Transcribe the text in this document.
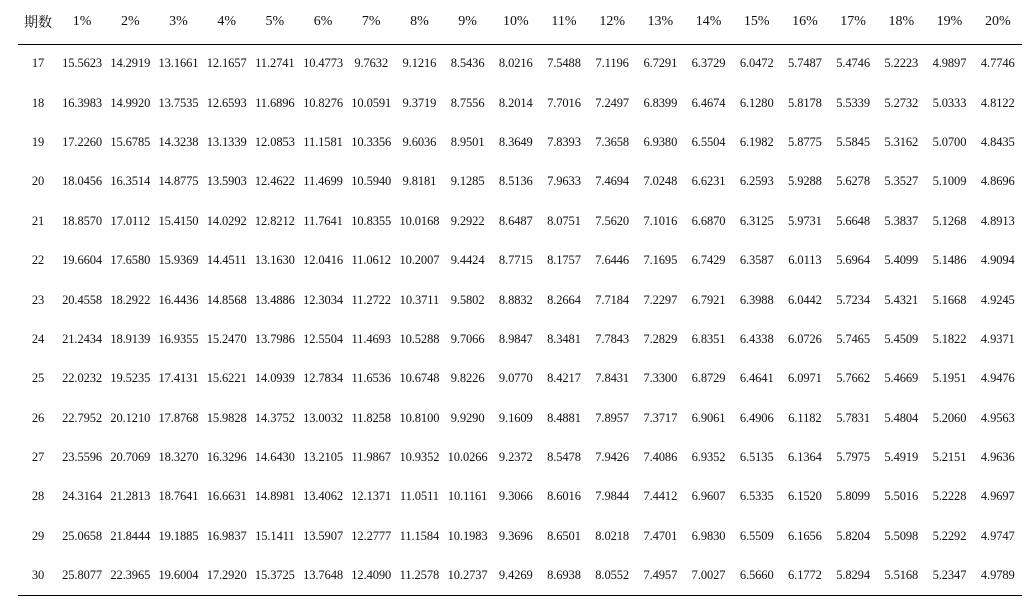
期数	1%	2%	3%	4%	5%	6%	7%	8%	9%	10%	11%	12%	13%	14%	15%	16%	17%	18%	19%	20%
17	15.5623	14.2919	13.1661	12.1657	11.2741	10.4773	9.7632	9.1216	8.5436	8.0216	7.5488	7.1196	6.7291	6.3729	6.0472	5.7487	5.4746	5.2223	4.9897	4.7746
18	16.3983	14.9920	13.7535	12.6593	11.6896	10.8276	10.0591	9.3719	8.7556	8.2014	7.7016	7.2497	6.8399	6.4674	6.1280	5.8178	5.5339	5.2732	5.0333	4.8122
19	17.2260	15.6785	14.3238	13.1339	12.0853	11.1581	10.3356	9.6036	8.9501	8.3649	7.8393	7.3658	6.9380	6.5504	6.1982	5.8775	5.5845	5.3162	5.0700	4.8435
20	18.0456	16.3514	14.8775	13.5903	12.4622	11.4699	10.5940	9.8181	9.1285	8.5136	7.9633	7.4694	7.0248	6.6231	6.2593	5.9288	5.6278	5.3527	5.1009	4.8696
21	18.8570	17.0112	15.4150	14.0292	12.8212	11.7641	10.8355	10.0168	9.2922	8.6487	8.0751	7.5620	7.1016	6.6870	6.3125	5.9731	5.6648	5.3837	5.1268	4.8913
22	19.6604	17.6580	15.9369	14.4511	13.1630	12.0416	11.0612	10.2007	9.4424	8.7715	8.1757	7.6446	7.1695	6.7429	6.3587	6.0113	5.6964	5.4099	5.1486	4.9094
23	20.4558	18.2922	16.4436	14.8568	13.4886	12.3034	11.2722	10.3711	9.5802	8.8832	8.2664	7.7184	7.2297	6.7921	6.3988	6.0442	5.7234	5.4321	5.1668	4.9245
24	21.2434	18.9139	16.9355	15.2470	13.7986	12.5504	11.4693	10.5288	9.7066	8.9847	8.3481	7.7843	7.2829	6.8351	6.4338	6.0726	5.7465	5.4509	5.1822	4.9371
25	22.0232	19.5235	17.4131	15.6221	14.0939	12.7834	11.6536	10.6748	9.8226	9.0770	8.4217	7.8431	7.3300	6.8729	6.4641	6.0971	5.7662	5.4669	5.1951	4.9476
26	22.7952	20.1210	17.8768	15.9828	14.3752	13.0032	11.8258	10.8100	9.9290	9.1609	8.4881	7.8957	7.3717	6.9061	6.4906	6.1182	5.7831	5.4804	5.2060	4.9563
27	23.5596	20.7069	18.3270	16.3296	14.6430	13.2105	11.9867	10.9352	10.0266	9.2372	8.5478	7.9426	7.4086	6.9352	6.5135	6.1364	5.7975	5.4919	5.2151	4.9636
28	24.3164	21.2813	18.7641	16.6631	14.8981	13.4062	12.1371	11.0511	10.1161	9.3066	8.6016	7.9844	7.4412	6.9607	6.5335	6.1520	5.8099	5.5016	5.2228	4.9697
29	25.0658	21.8444	19.1885	16.9837	15.1411	13.5907	12.2777	11.1584	10.1983	9.3696	8.6501	8.0218	7.4701	6.9830	6.5509	6.1656	5.8204	5.5098	5.2292	4.9747
30	25.8077	22.3965	19.6004	17.2920	15.3725	13.7648	12.4090	11.2578	10.2737	9.4269	8.6938	8.0552	7.4957	7.0027	6.5660	6.1772	5.8294	5.5168	5.2347	4.9789
